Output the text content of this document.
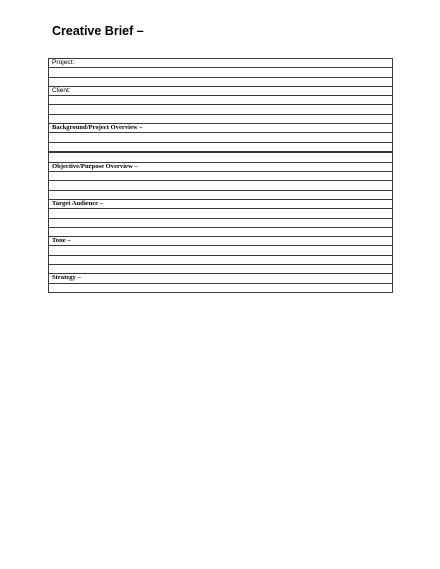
Creative Brief –
Project:

Client:

Background/Project Overview –

Objective/Purpose Overview –

Target Audience –

Tone –

Strategy –
